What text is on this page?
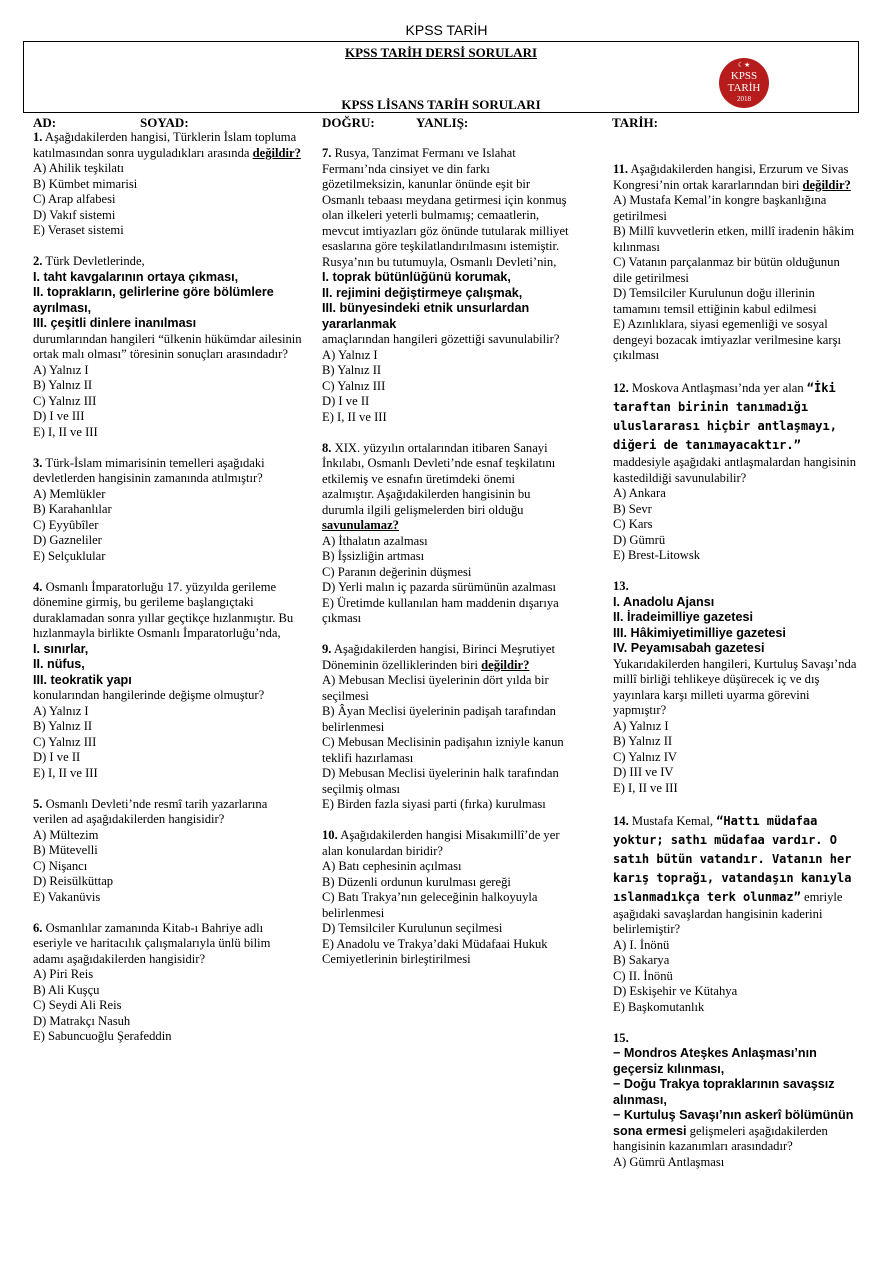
KPSS TARİH
KPSS TARİH DERSİ SORULARI
☾★
KPSS
TARİH
2018
KPSS LİSANS TARİH SORULARI
AD:	SOYAD:	DOĞRU:	YANLIŞ:	TARİH:

1. Aşağıdakilerden hangisi, Türklerin İslam topluma katılmasından sonra uyguladıkları arasında değildir?

A) Ahilik teşkilatı

B) Kümbet mimarisi

C) Arap alfabesi

D) Vakıf sistemi

E) Veraset sistemi

2. Türk Devletlerinde,

I. taht kavgalarının ortaya çıkması,

II. toprakların, gelirlerine göre bölümlere ayrılması,

III. çeşitli dinlere inanılması

durumlarından hangileri “ülkenin hükümdar ailesinin ortak malı olması” töresinin sonuçları arasındadır?

A) Yalnız I

B) Yalnız II

C) Yalnız III

D) I ve III

E) I, II ve III

3. Türk-İslam mimarisinin temelleri aşağıdaki devletlerden hangisinin zamanında atılmıştır?

A) Memlükler

B) Karahanlılar

C) Eyyûbîler

D) Gazneliler

E) Selçuklular

4. Osmanlı İmparatorluğu 17. yüzyılda gerileme dönemine girmiş, bu gerileme başlangıçtaki duraklamadan sonra yıllar geçtikçe hızlanmıştır. Bu hızlanmayla birlikte Osmanlı İmparatorluğu’nda,

I. sınırlar,

II. nüfus,

III. teokratik yapı

konularından hangilerinde değişme olmuştur?

A) Yalnız I

B) Yalnız II

C) Yalnız III

D) I ve II

E) I, II ve III

5. Osmanlı Devleti’nde resmî tarih yazarlarına verilen ad aşağıdakilerden hangisidir?

A) Mültezim

B) Mütevelli

C) Nişancı

D) Reisülküttap

E) Vakanüvis

6. Osmanlılar zamanında Kitab-ı Bahriye adlı eseriyle ve haritacılık çalışmalarıyla ünlü bilim adamı aşağıdakilerden hangisidir?

A) Piri Reis

B) Ali Kuşçu

C) Seydi Ali Reis

D) Matrakçı Nasuh

E) Sabuncuoğlu Şerafeddin

7. Rusya, Tanzimat Fermanı ve Islahat Fermanı’nda cinsiyet ve din farkı gözetilmeksizin, kanunlar önünde eşit bir Osmanlı tebaası meydana getirmesi için konmuş olan ilkeleri yeterli bulmamış; cemaatlerin, mevcut imtiyazları göz önünde tutularak milliyet esaslarına göre teşkilatlandırılmasını istemiştir. Rusya’nın bu tutumuyla, Osmanlı Devleti’nin,

I. toprak bütünlüğünü korumak,

II. rejimini değiştirmeye çalışmak,

III. bünyesindeki etnik unsurlardan yararlanmak

amaçlarından hangileri gözettiği savunulabilir?

A) Yalnız I

B) Yalnız II

C) Yalnız III

D) I ve II

E) I, II ve III

8. XIX. yüzyılın ortalarından itibaren Sanayi İnkılabı, Osmanlı Devleti’nde esnaf teşkilatını etkilemiş ve esnafın üretimdeki önemi azalmıştır. Aşağıdakilerden hangisinin bu durumla ilgili gelişmelerden biri olduğu savunulamaz?

A) İthalatın azalması

B) İşsizliğin artması

C) Paranın değerinin düşmesi

D) Yerli malın iç pazarda sürümünün azalması

E) Üretimde kullanılan ham maddenin dışarıya çıkması

9. Aşağıdakilerden hangisi, Birinci Meşrutiyet Döneminin özelliklerinden biri değildir?

A) Mebusan Meclisi üyelerinin dört yılda bir seçilmesi

B) Âyan Meclisi üyelerinin padişah tarafından belirlenmesi

C) Mebusan Meclisinin padişahın izniyle kanun teklifi hazırlaması

D) Mebusan Meclisi üyelerinin halk tarafından seçilmiş olması

E) Birden fazla siyasi parti (fırka) kurulması

10. Aşağıdakilerden hangisi Misakımillî’de yer alan konulardan biridir?

A) Batı cephesinin açılması

B) Düzenli ordunun kurulması gereği

C) Batı Trakya’nın geleceğinin halkoyuyla belirlenmesi

D) Temsilciler Kurulunun seçilmesi

E) Anadolu ve Trakya’daki Müdafaai Hukuk Cemiyetlerinin birleştirilmesi

11. Aşağıdakilerden hangisi, Erzurum ve Sivas Kongresi’nin ortak kararlarından biri değildir?

A) Mustafa Kemal’in kongre başkanlığına getirilmesi

B) Millî kuvvetlerin etken, millî iradenin hâkim kılınması

C) Vatanın parçalanmaz bir bütün olduğunun dile getirilmesi

D) Temsilciler Kurulunun doğu illerinin tamamını temsil ettiğinin kabul edilmesi

E) Azınlıklara, siyasi egemenliği ve sosyal dengeyi bozacak imtiyazlar verilmesine karşı çıkılması

12. Moskova Antlaşması’nda yer alan “İki taraftan birinin tanımadığı uluslararası hiçbir antlaşmayı, diğeri de tanımayacaktır.”

maddesiyle aşağıdaki antlaşmalardan hangisinin kastedildiği savunulabilir?

A) Ankara

B) Sevr

C) Kars

D) Gümrü

E) Brest-Litowsk

13.

I. Anadolu Ajansı

II. İradeimilliye gazetesi

III. Hâkimiyetimilliye gazetesi

IV. Peyamısabah gazetesi

Yukarıdakilerden hangileri, Kurtuluş Savaşı’nda millî birliği tehlikeye düşürecek iç ve dış yayınlara karşı milleti uyarma görevini yapmıştır?

A) Yalnız I

B) Yalnız II

C) Yalnız IV

D) III ve IV

E) I, II ve III

14. Mustafa Kemal, “Hattı müdafaa yoktur; sathı müdafaa vardır. O satıh bütün vatandır. Vatanın her karış toprağı, vatandaşın kanıyla ıslanmadıkça terk olunmaz” emriyle aşağıdaki savaşlardan hangisinin kaderini belirlemiştir?

A) I. İnönü

B) Sakarya

C) II. İnönü

D) Eskişehir ve Kütahya

E) Başkomutanlık

15.

− Mondros Ateşkes Anlaşması’nın geçersiz kılınması,

− Doğu Trakya topraklarının savaşsız alınması,

− Kurtuluş Savaşı’nın askerî bölümünün sona ermesi gelişmeleri aşağıdakilerden hangisinin kazanımları arasındadır?

A) Gümrü Antlaşması
